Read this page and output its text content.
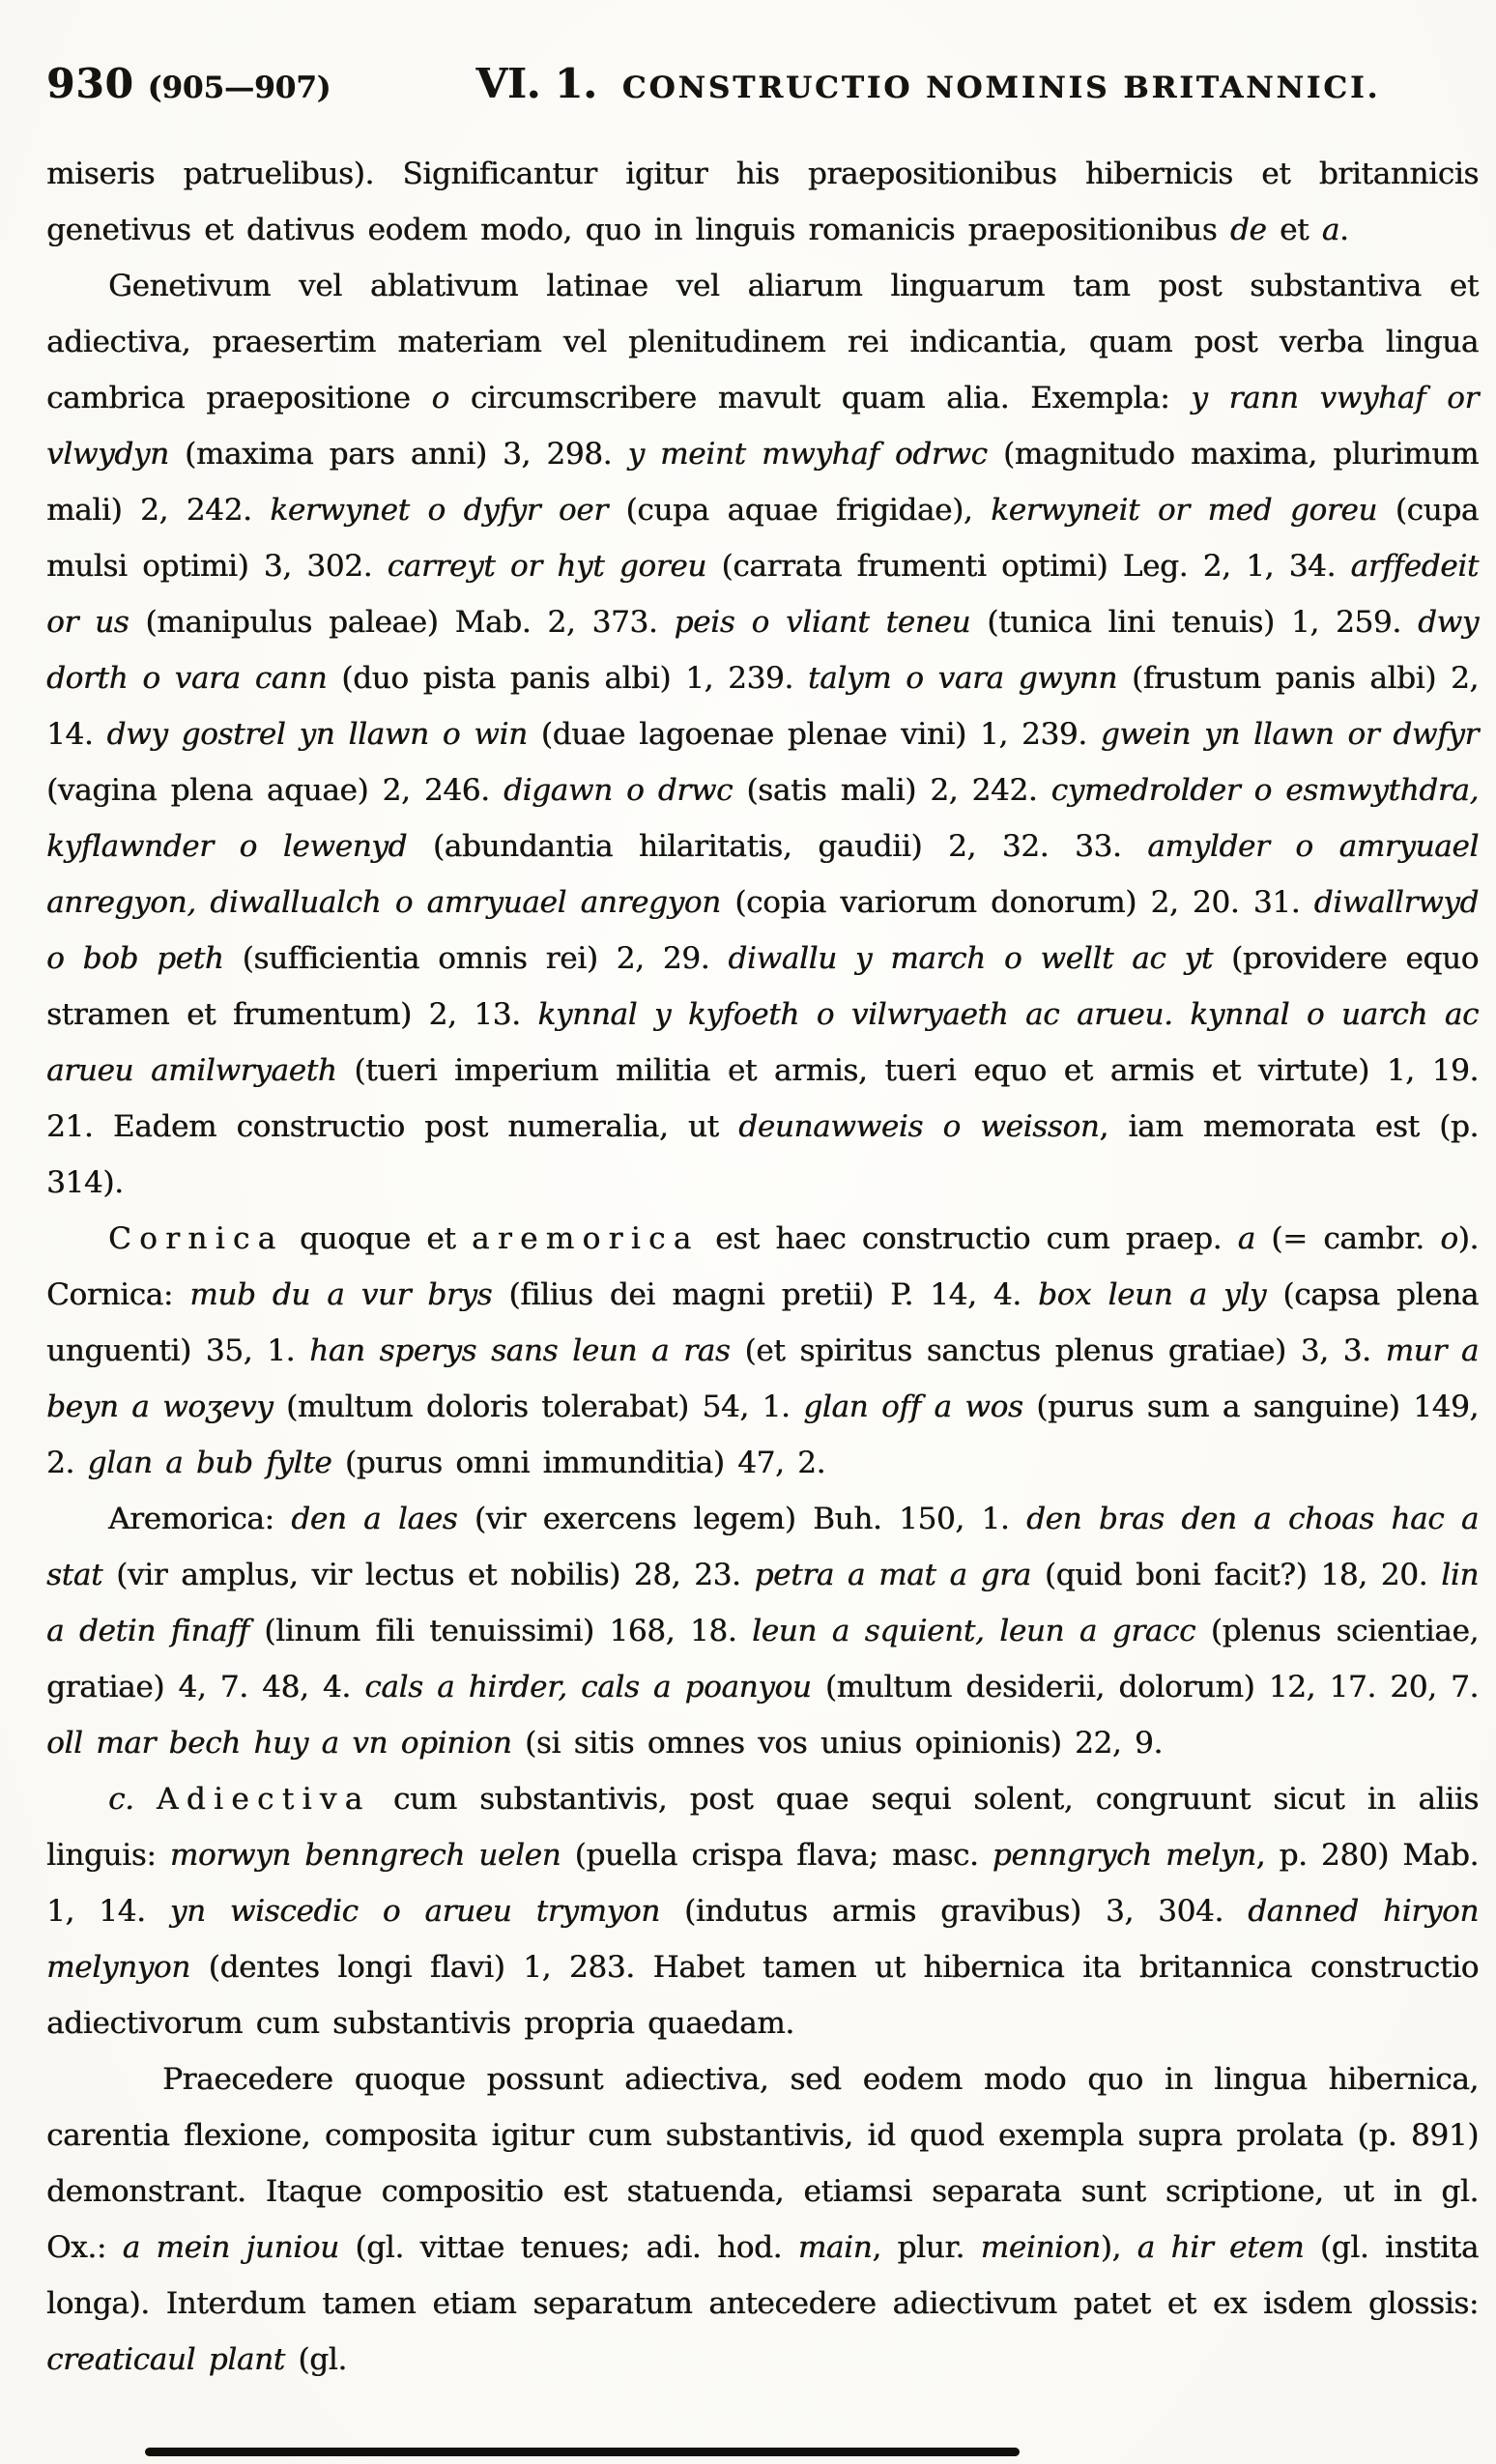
930 (905—907)	VI. 1. CONSTRUCTIO NOMINIS BRITANNICI.

miseris patruelibus). Significantur igitur his praepositionibus hibernicis et britannicis genetivus et dativus eodem modo, quo in linguis romanicis praepositionibus de et a.

Genetivum vel ablativum latinae vel aliarum linguarum tam post substantiva et adiectiva, praesertim materiam vel plenitudinem rei indicantia, quam post verba lingua cambrica praepositione o circumscribere mavult quam alia. Exempla: y rann vwyhaf or vlwydyn (maxima pars anni) 3, 298. y meint mwyhaf odrwc (magnitudo maxima, plurimum mali) 2, 242. kerwynet o dyfyr oer (cupa aquae frigidae), kerwyneit or med goreu (cupa mulsi optimi) 3, 302. carreyt or hyt goreu (carrata frumenti optimi) Leg. 2, 1, 34. arffedeit or us (manipulus paleae) Mab. 2, 373. peis o vliant teneu (tunica lini tenuis) 1, 259. dwy dorth o vara cann (duo pista panis albi) 1, 239. talym o vara gwynn (frustum panis albi) 2, 14. dwy gostrel yn llawn o win (duae lagoenae plenae vini) 1, 239. gwein yn llawn or dwfyr (vagina plena aquae) 2, 246. digawn o drwc (satis mali) 2, 242. cymedrolder o esmwythdra, kyflawnder o lewenyd (abundantia hilaritatis, gaudii) 2, 32. 33. amylder o amryuael anregyon, diwallualch o amryuael anregyon (copia variorum donorum) 2, 20. 31. diwallrwyd o bob peth (sufficientia omnis rei) 2, 29. diwallu y march o wellt ac yt (providere equo stramen et frumentum) 2, 13. kynnal y kyfoeth o vilwryaeth ac arueu. kynnal o uarch ac arueu amilwryaeth (tueri imperium militia et armis, tueri equo et armis et virtute) 1, 19. 21. Eadem constructio post numeralia, ut deunawweis o weisson, iam memorata est (p. 314).

Cornica quoque et aremorica est haec constructio cum praep. a (= cambr. o). Cornica: mub du a vur brys (filius dei magni pretii) P. 14, 4. box leun a yly (capsa plena unguenti) 35, 1. han sperys sans leun a ras (et spiritus sanctus plenus gratiae) 3, 3. mur a beyn a woʒevy (multum doloris tolerabat) 54, 1. glan off a wos (purus sum a sanguine) 149, 2. glan a bub fylte (purus omni immunditia) 47, 2.

Aremorica: den a laes (vir exercens legem) Buh. 150, 1. den bras den a choas hac a stat (vir amplus, vir lectus et nobilis) 28, 23. petra a mat a gra (quid boni facit?) 18, 20. lin a detin finaff (linum fili tenuissimi) 168, 18. leun a squient, leun a gracc (plenus scientiae, gratiae) 4, 7. 48, 4. cals a hirder, cals a poanyou (multum desiderii, dolorum) 12, 17. 20, 7. oll mar bech huy a vn opinion (si sitis omnes vos unius opinionis) 22, 9.

c. Adiectiva cum substantivis, post quae sequi solent, congruunt sicut in aliis linguis: morwyn benngrech uelen (puella crispa flava; masc. penngrych melyn, p. 280) Mab. 1, 14. yn wiscedic o arueu trymyon (indutus armis gravibus) 3, 304. danned hiryon melynyon (dentes longi flavi) 1, 283. Habet tamen ut hibernica ita britannica constructio adiectivorum cum substantivis propria quaedam.

Praecedere quoque possunt adiectiva, sed eodem modo quo in lingua hibernica, carentia flexione, composita igitur cum substantivis, id quod exempla supra prolata (p. 891) demonstrant. Itaque compositio est statuenda, etiamsi separata sunt scriptione, ut in gl. Ox.: a mein juniou (gl. vittae tenues; adi. hod. main, plur. meinion), a hir etem (gl. instita longa). Interdum tamen etiam separatum antecedere adiectivum patet et ex isdem glossis: creaticaul plant (gl.
